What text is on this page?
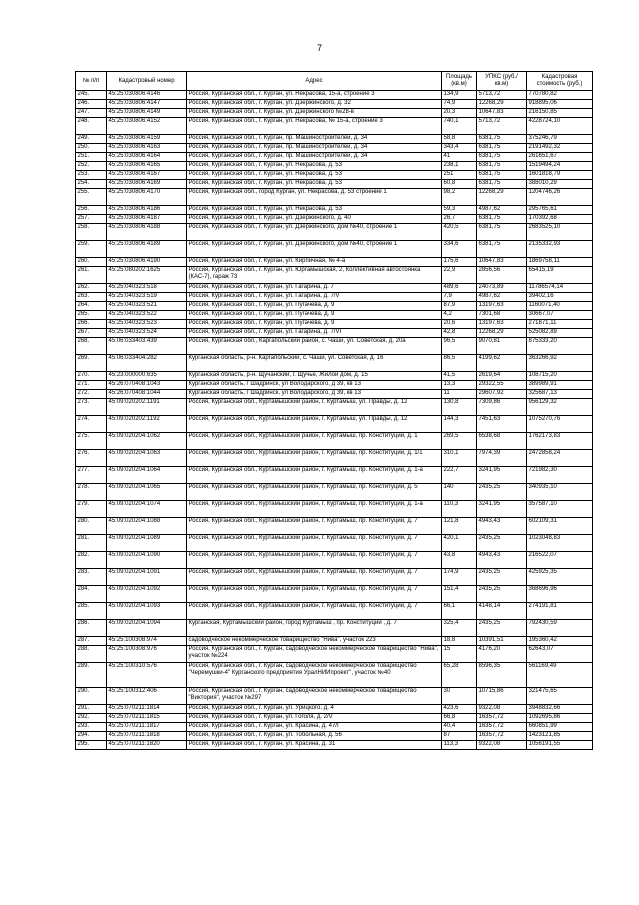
7
№ п/п	Кадастровый номер	Адрес	Площадь (кв.м)	УПКС (руб./кв.м)	Кадастровая стоимость (руб.)
245.	45:25:030806:4146	Россия, Курганская обл., г. Курган, ул. Некрасова, 15-а, строение 3	134,9	5713,72	770780,82
246.	45:25:030806:4147	Россия, Курганская обл., г. Курган, ул. Дзержинского, д. 32	74,9	12268,29	918895,06
247.	45:25:030806:4149	Россия, Курганская обл., г. Курган, ул. Дзержинского №28-в	20,3	10647,83	216150,85
248.	45:25:030806:4152	Россия, Курганская обл., г. Курган, ул. Некрасова, № 15-а, строение 3	740,1	5713,72	4228724,10
249.	45:25:030806:4159	Россия, Курганская обл., г. Курган, пр. Машиностроителей, д. 34	58,8	6381,75	375246,79
250.	45:25:030806:4163	Россия, Курганская обл., г. Курган, пр. Машиностроителей, д. 34	343,4	6381,75	2191492,32
251.	45:25:030806:4164	Россия, Курганская обл., г. Курган, пр. Машиностроителей, д. 34	41	6381,75	261651,67
252.	45:25:030806:4165	Россия, Курганская обл., г. Курган, ул. Некрасова, д. 53	238,1	6381,75	1519494,24
253.	45:25:030806:4167	Россия, Курганская обл., г. Курган, ул. Некрасова, д. 53	251	6381,75	1601818,79
254.	45:25:030806:4169	Россия, Курганская обл., г. Курган, ул. Некрасова, д. 53	60,8	6381,75	388010,29
255.	45:25:030806:4170	Россия, Курганская обл., город Курган, ул. Некрасова, д. 53 строение 1	98,2	12268,29	1204746,26
256.	45:25:030806:4186	Россия, Курганская обл., г. Курган, ул. Некрасова, д. 53	59,3	4987,62	295765,61
257.	45:25:030806:4187	Россия, Курганская обл., г. Курган, ул. Дзержинского, д. 40	26,7	6381,75	170392,68
258.	45:25:030806:4188	Россия, Курганская обл., г. Курган, ул. Дзержинского, дом №40, строение 1	420,5	6381,75	2683525,10
259.	45:25:030806:4189	Россия, Курганская обл., г. Курган, ул. Дзержинского, дом №40, строение 1	334,6	6381,75	2135332,93
260.	45:25:030806:4190	Россия, Курганская обл., г. Курган, ул. Кирпичная, № 4-а	175,6	10647,83	1869758,11
261.	45:25:080202:1625	Россия, Курганская обл., г. Курган, ул. Юргамышская, 2, Коллективная автостоянка (КАС-7), гараж 73	22,9	2856,56	65415,19
262.	45:25:040323:518	Россия, Курганская обл., г. Курган, ул. Гагарина, д. 7	489,6	24073,89	11786574,14
263.	45:25:040323:519	Россия, Курганская обл., г. Курган, ул. Гагарина, д. 7/V	7,9	4987,62	39402,16
264.	45:25:040323:521	Россия, Курганская обл., г. Курган, ул. Пугачева, д. 9	87,9	13197,63	1160071,40
265.	45:25:040323:522	Россия, Курганская обл., г. Курган, ул. Пугачева, д. 9	4,2	7301,68	30667,07
266.	45:25:040323:523	Россия, Курганская обл., г. Курган, ул. Пугачева, д. 9	20,6	13197,63	271871,11
267.	45:25:040323:524	Россия, Курганская обл., г. Курган, ул. Гагарина, д. 7/VI	42,8	12268,29	525082,89
268.	45:06:033403:439	Россия, Курганская обл., Каргапольский район, с. Чаши, ул. Советская, д. 20а	96,5	9070,81	875333,20
269.	45:06:033404:282	Курганская область, р-н. Каргапольский, с. Чаши, ул. Советская, д. 16	86,5	4199,62	363266,92
270.	45:23:000000:635	Курганская область, р-н. Щучанский, г. Щучье, Жилой дом, д. 15	41,5	2619,64	108715,20
271.	45:26:070408:1043	Курганская область, г Шадринск, ул Володарского, д 39, кв 13	13,3	29322,55	389989,91
272.	45:26:070408:1044	Курганская область, г Шадринск, ул Володарского, д 39, кв 13	11	29607,92	325687,13
273.	45:09:020202:1191	Россия, Курганская обл., Куртамышский район, г. Куртамыш, ул. Правды, д. 12	130,8	7309,86	956129,32
274.	45:09:020202:1192	Россия, Курганская обл., Куртамышский район, г. Куртамыш, ул. Правды, д. 12	144,3	7451,63	1075270,76
275.	45:09:020204:1062	Россия, Курганская обл., Куртамышский район, г. Куртамыш, пр. Конституции, д. 1	269,5	6538,68	1762173,83
276.	45:09:020204:1063	Россия, Курганская обл., Куртамышский район, г. Куртамыш, пр. Конституции, д. 1/1	310,1	7974,39	2472858,24
277.	45:09:020204:1064	Россия, Курганская обл., Куртамышский район, г. Куртамыш, пр. Конституции, д. 1-а	222,7	3241,95	721982,30
278.	45:09:020204:1065	Россия, Курганская обл., Куртамышский район, г. Куртамыш, пр. Конституции, д. 5	140	2435,25	340935,10
279.	45:09:020204:1074	Россия, Курганская обл., Куртамышский район, г. Куртамыш, пр. Конституции, д. 1-а	110,3	3241,95	357587,10
280.	45:09:020204:1088	Россия, Курганская обл., Куртамышский район, г. Куртамыш, пр. Конституции, д. 7	121,8	4943,43	602109,31
281.	45:09:020204:1089	Россия, Курганская обл., Куртамышский район, г. Куртамыш, пр. Конституции, д. 7	420,1	2435,25	1023048,83
282.	45:09:020204:1090	Россия, Курганская обл., Куртамышский район, г. Куртамыш, пр. Конституции, д. 7	43,8	4943,43	216522,07
283.	45:09:020204:1091	Россия, Курганская обл., Куртамышский район, г. Куртамыш, пр. Конституции, д. 7	174,9	2435,25	425925,35
284.	45:09:020204:1092	Россия, Курганская обл., Куртамышский район, г. Куртамыш, пр. Конституции, д. 7	151,4	2435,25	368696,96
285.	45:09:020204:1093	Россия, Курганская обл., Куртамышский район, г. Куртамыш, пр. Конституции, д. 7	66,1	4148,14	274191,81
286.	45:09:020204:1094	Курганская, Куртамышский район, город Куртамыш , пр. Конституции , д. 7	325,4	2435,25	792430,59
287.	45:25:100308:974	садоводческое некоммерческое товарищество "Нива", участок 223	18,8	10391,51	195360,42
288.	45:25:100308:976	Россия, Курганская обл., г. Курган, садоводческое некоммерческое товарищество "Нива", участок №224	15	4176,20	62643,07
289.	45:25:100310:576	Россия, Курганская обл., г. Курган, садоводческое некоммерческое товарищество "Черемушки-4" Курганского предприятия УралНИИпроект", участок №40	65,28	8596,35	561169,49
290.	45:25:100312:406	Россия, Курганская обл., г. Курган, садоводческое некоммерческое товарищество "Виктория", участок №297	30	10715,86	321475,65
291.	45:25:070211:1814	Россия, Курганская обл., г. Курган, ул. Урицкого, д. 4	423,6	9322,08	3948832,66
292.	45:25:070211:1815	Россия, Курганская обл., г. Курган, ул. Гоголя, д. 2/V	66,8	16357,72	1092695,86
293.	45:25:070211:1817	Россия, Курганская обл., г. Курган, ул. Красина, д. 47/I	40,4	16357,72	660851,99
294.	45:25:070211:1818	Россия, Курганская обл., г. Курган, ул. Тобольная, д. 56	87	16357,72	1423121,85
295.	45:25:070211:1820	Россия, Курганская обл., г. Курган, ул. Красина, д. 31	113,3	9322,08	1056191,55
